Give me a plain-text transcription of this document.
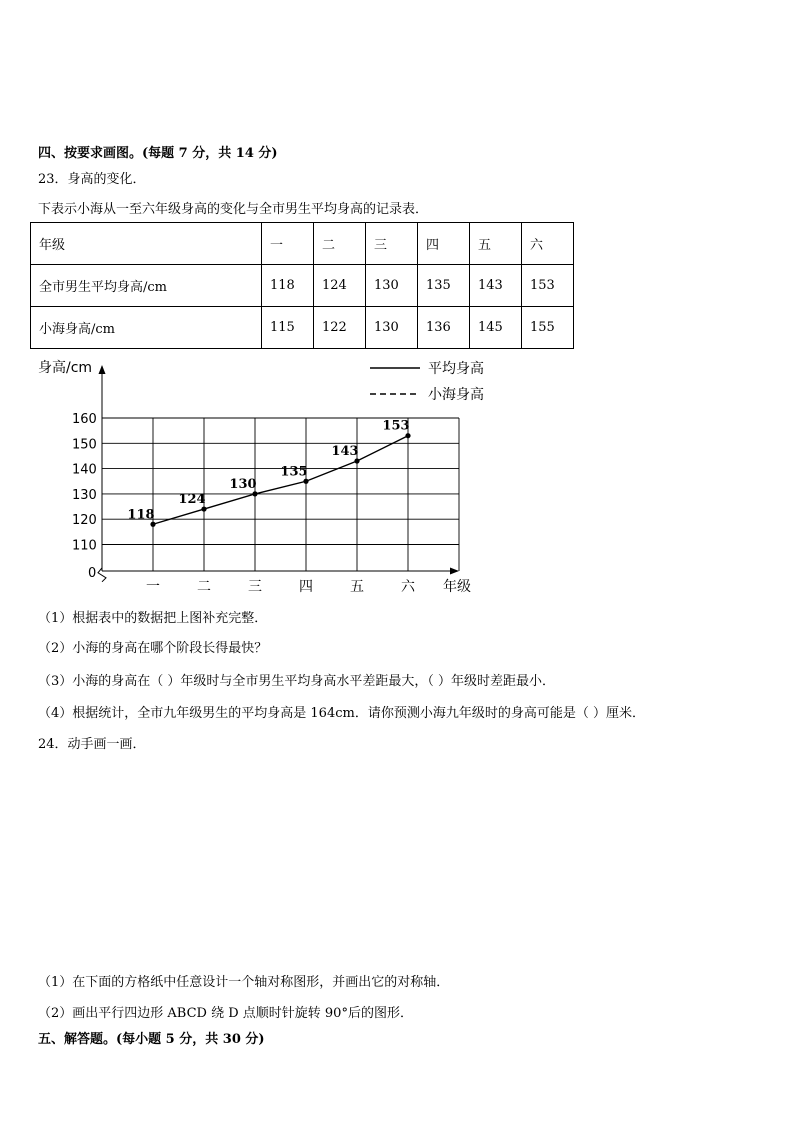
四、按要求画图。(每题 7 分，共 14 分)
23．身高的变化．
下表示小海从一至六年级身高的变化与全市男生平均身高的记录表．
年级	一	二	三	四	五	六
全市男生平均身高/cm	118	124	130	135	143	153
小海身高/cm	115	122	130	136	145	155
身高/cm
年级
160
150
140
130
120
110
0
一	二	三	四	五	六
118
124
130
135
143
153
平均身高
小海身高
（1）根据表中的数据把上图补充完整．
（2）小海的身高在哪个阶段长得最快？
（3）小海的身高在（ ）年级时与全市男生平均身高水平差距最大，（ ）年级时差距最小．
（4）根据统计，全市九年级男生的平均身高是 164cm．请你预测小海九年级时的身高可能是（ ）厘米．
24．动手画一画．
（1）在下面的方格纸中任意设计一个轴对称图形，并画出它的对称轴．
（2）画出平行四边形 ABCD 绕 D 点顺时针旋转 90°后的图形．
五、解答题。(每小题 5 分，共 30 分)
